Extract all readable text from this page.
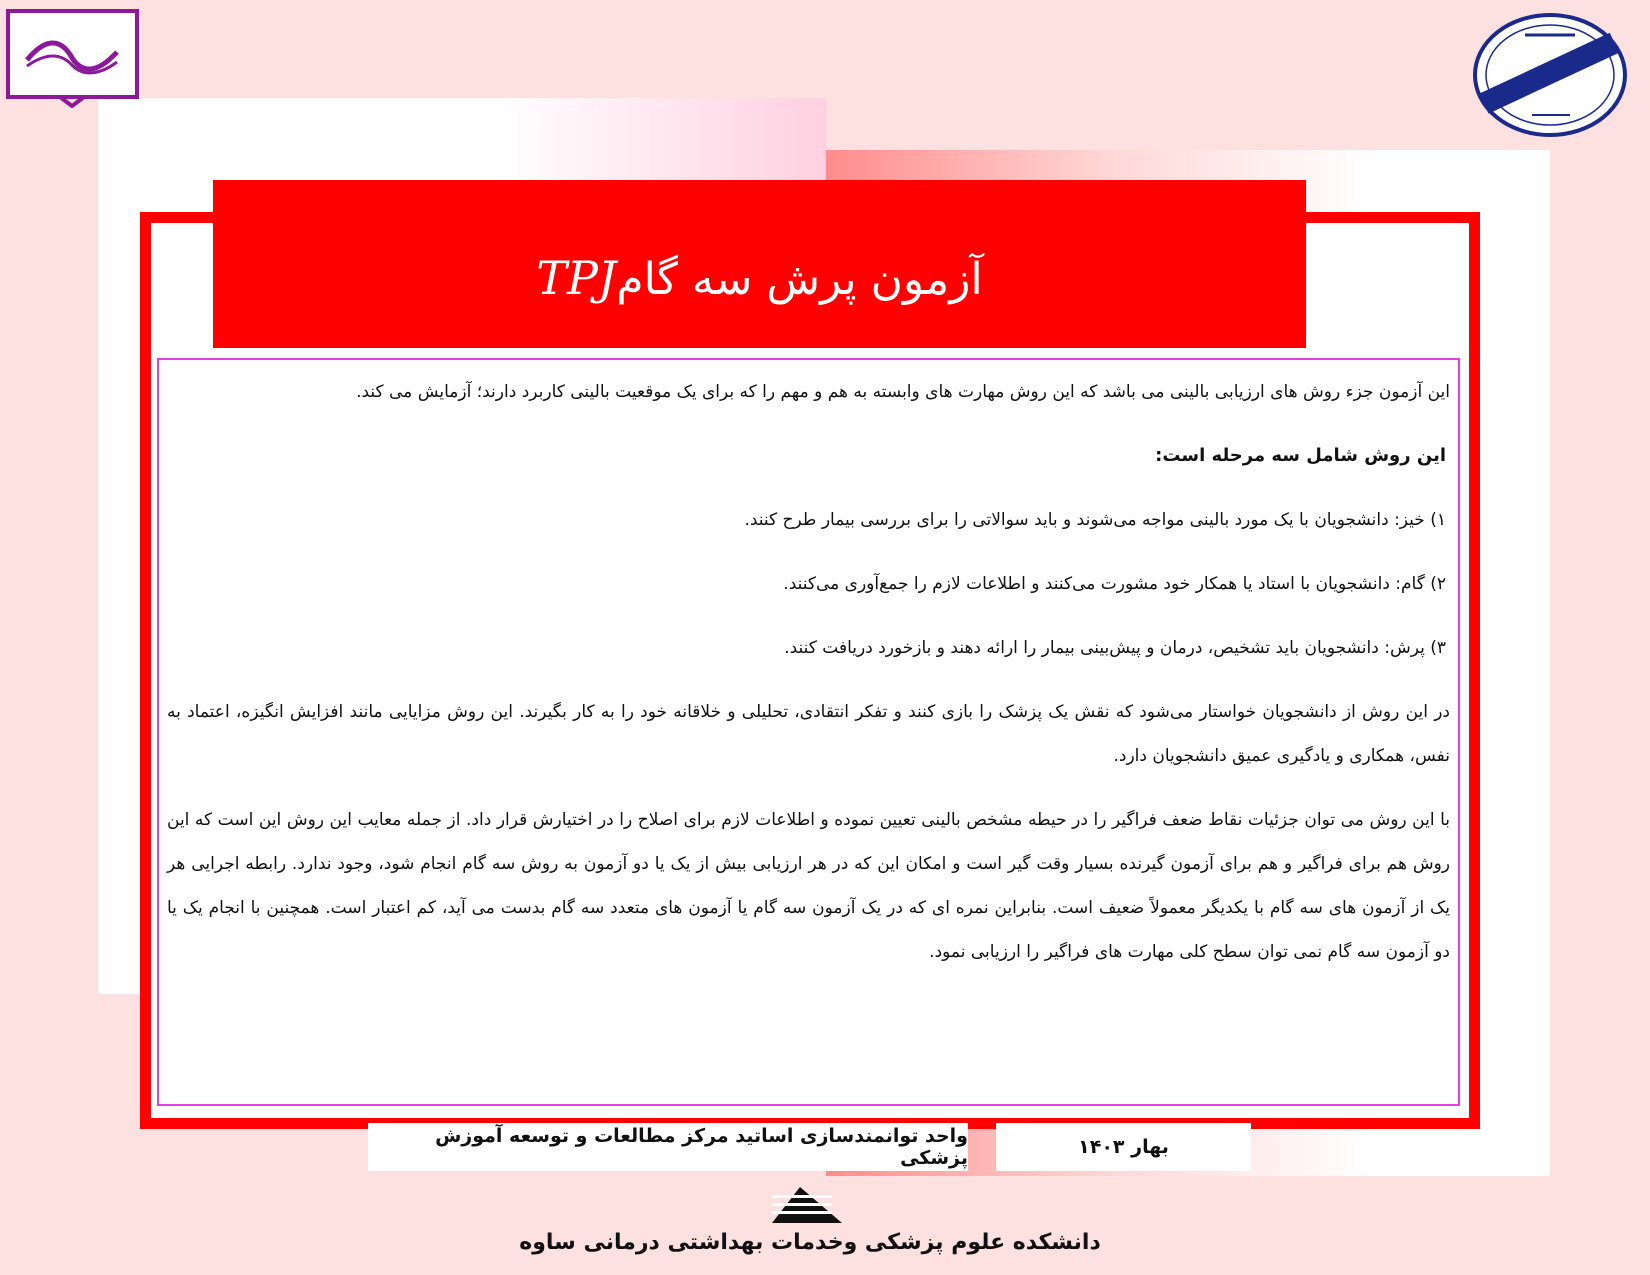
آزمون پرش سه گامTPJ

این آزمون جزء روش های ارزیابی بالینی می باشد که این روش مهارت های وابسته به هم و مهم را که برای یک موقعیت بالینی کاربرد دارند؛ آزمایش می کند.

این روش شامل سه مرحله است:

۱) خیز: دانشجویان با یک مورد بالینی مواجه می‌شوند و باید سوالاتی را برای بررسی بیمار طرح کنند.

۲) گام: دانشجویان با استاد یا همکار خود مشورت می‌کنند و اطلاعات لازم را جمع‌آوری می‌کنند.

۳) پرش: دانشجویان باید تشخیص، درمان و پیش‌بینی بیمار را ارائه دهند و بازخورد دریافت کنند.

در این روش از دانشجویان خواستار می‌شود که نقش یک پزشک را بازی کنند و تفکر انتقادی، تحلیلی و خلاقانه خود را به کار بگیرند. این روش مزایایی مانند افزایش انگیزه، اعتماد به نفس، همکاری و یادگیری عمیق دانشجویان دارد.

با این روش می توان جزئیات نقاط ضعف فراگیر را در حیطه مشخص بالینی تعیین نموده و اطلاعات لازم برای اصلاح را در اختیارش قرار داد. از جمله معایب این روش این است که این روش هم برای فراگیر و هم برای آزمون گیرنده بسیار وقت گیر است و امکان این که در هر ارزیابی بیش از یک یا دو آزمون به روش سه گام انجام شود، وجود ندارد. رابطه اجرایی هر یک از آزمون های سه گام با یکدیگر معمولاً ضعیف است. بنابراین نمره ای که در یک آزمون سه گام یا آزمون های متعدد سه گام بدست می آید، کم اعتبار است. همچنین با انجام یک یا دو آزمون سه گام نمی توان سطح کلی مهارت های فراگیر را ارزیابی نمود.

واحد توانمندسازی اساتید مرکز مطالعات و توسعه آموزش پزشکی	بهار ۱۴۰۳
دانشکده علوم پزشکی وخدمات بهداشتی درمانی ساوه
